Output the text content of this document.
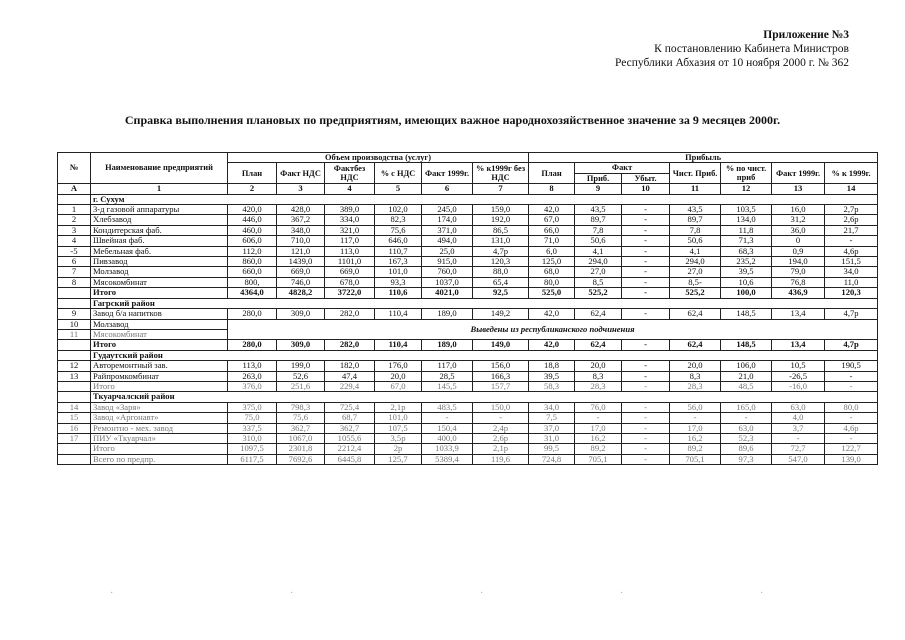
Приложение №3
К постановлению Кабинета Министров
Республики Абхазия от 10 ноября 2000 г. № 362
Справка выполнения плановых по предприятиям, имеющих важное народнохозяйственное значение за 9 месяцев 2000г.
№	Наименование предприятий	Объем производства (услуг)						Прибыль						
		План	Факт НДС	Фактбез НДС	% с НДС	Факт 1999г.	% к1999г без НДС	План	Факт		Чист. Приб.	% по чист. приб	Факт 1999г.	% к 1999г.
									Приб.	Убыт.				
А	1	2	3	4	5	6	7	8	9	10	11	12	13	14
	г. Сухум													
1	3-д газовой аппаратуры	420,0	428,0	389,0	102,0	245,0	159,0	42,0	43,5	-	43,5	103,5	16,0	2,7р
2	Хлебзавод	446,0	367,2	334,0	82,3	174,0	192,0	67,0	89,7	-	89,7	134,0	31,2	2,6р
3	Кондитерская фаб.	460,0	348,0	321,0	75,6	371,0	86,5	66,0	7,8	-	7,8	11,8	36,0	21,7
4	Швейная фаб.	606,0	710,0	117,0	646,0	494,0	131,0	71,0	50,6	-	50,6	71,3	0	-
-5	Мебельная фаб.	112,0	121,0	113,0	110,7	25,0	4,7р	6,0	4,1	-	4,1	68,3	0,9	4,6р
6	Пивзавод	860,0	1439,0	1101,0	167,3	915,0	120,3	125,0	294,0	-	294,0	235,2	194,0	151,5
7	Молзавод	660,0	669,0	669,0	101,0	760,0	88,0	68,0	27,0	-	27,0	39,5	79,0	34,0
8	Мясокомбинат	800,	746,0	678,0	93,3	1037,0	65,4	80,0	8,5	-	8,5-	10,6	76,8	11,0
	Итого	4364,0	4828,2	3722,0	110,6	4021,0	92,5	525,0	525,2	-	525,2	100,0	436,9	120,3
	Гагрский район													
9	Завод б/а напитков	280,0	309,0	282,0	110,4	189,0	149,2	42,0	62,4	-	62,4	148,5	13,4	4,7р
10	Молзавод	Выведены из республиканского подчинения												
11	Мясокомбинат													
	Итого	280,0	309,0	282,0	110,4	189,0	149,0	42,0	62,4	-	62,4	148,5	13,4	4,7р
	Гудаутский район													
12	Авторемонтный зав.	113,0	199,0	182,0	176,0	117,0	156,0	18,8	20,0	-	20,0	106,0	10,5	190,5
13	Райпромкомбинат	263,0	52,6	47,4	20,0	28,5	166,3	39,5	8,3	-	8,3	21,0	-26,5	-
	Итого	376,0	251,6	229,4	67,0	145,5	157,7	58,3	28,3	-	28,3	48,5	-16,0	-
	Ткуарчалский район													
14	Завод «Заря»	375,0	798,3	725,4	2,1р	483,5	150,0	34,0	76,0	-	56,0	165,0	63,0	80,0
15	Завод «Аргонавт»	75,0	75,6	68,7	101,0	-	-	7,5	-	-	-	-	4,0	-
16	Ремонтно - мех. завод	337,5	362,7	362,7	107,5	150,4	2,4р	37,0	17,0	-	17,0	63,0	3,7	4,6р
17	ПИУ «Ткуарчал»	310,0	1067,0	1055,6	3,5р	400,0	2,6р	31,0	16,2	-	16,2	52,3	-	-
	Итого	1097,5	2301,8	2212,4	2р	1033,9	2,1р	99,5	89,2	-	89,2	89,6	72,7	122,7
	Всего по предпр.	6117,5	7692,6	6445,8	125,7	5389,4	119,6	724,8	705,1	-	705,1	97,3	547,0	139,0
·	·	·	·	·
